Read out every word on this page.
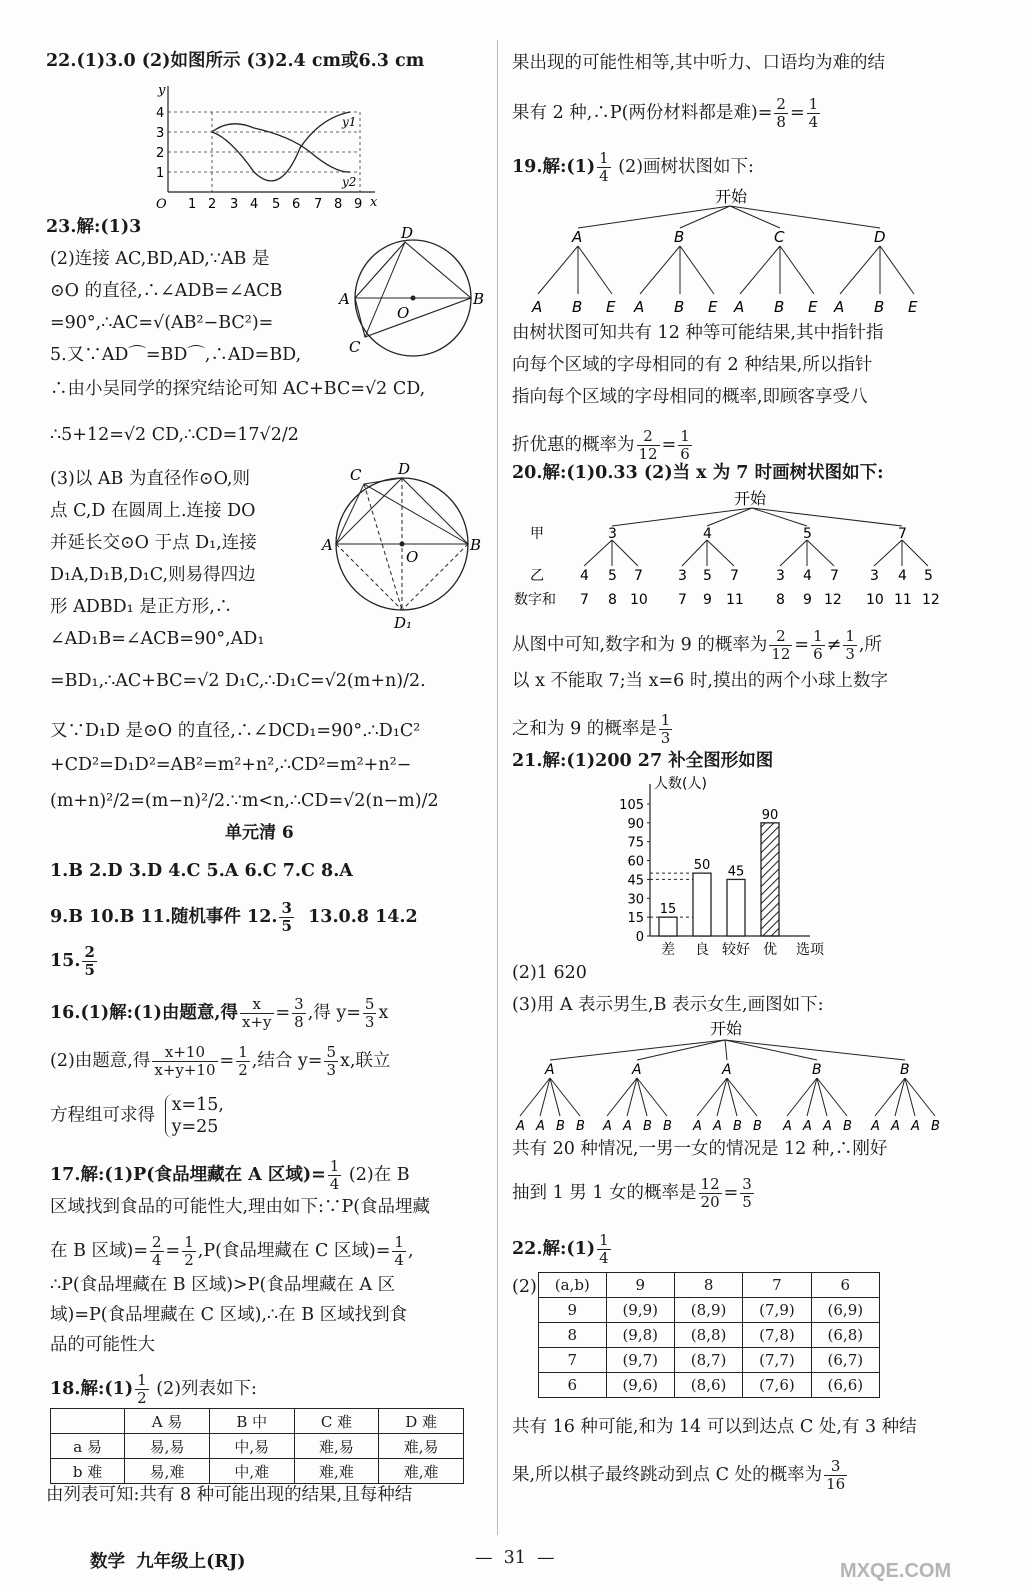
22.(1)3.0 (2)如图所示 (3)2.4 cm或6.3 cm
y
x
O
y1
y2
1 2 3 4 5 6 7 8 9
1
2
3
4
23.解:(1)3
(2)连接 AC,BD,AD,∵AB 是
⊙O 的直径,∴∠ADB=∠ACB
=90°,∴AC=√(AB²−BC²)=
5.又∵AD⌒=BD⌒,∴AD=BD,
∴由小吴同学的探究结论可知 AC+BC=√2 CD,
∴5+12=√2 CD,∴CD=17√2/2
D
A	B
O
C
(3)以 AB 为直径作⊙O,则
点 C,D 在圆周上.连接 DO
并延长交⊙O 于点 D₁,连接
D₁A,D₁B,D₁C,则易得四边
形 ADBD₁ 是正方形,∴
∠AD₁B=∠ACB=90°,AD₁
C D
A	B
O
D₁
=BD₁,∴AC+BC=√2 D₁C,∴D₁C=√2(m+n)/2.
又∵D₁D 是⊙O 的直径,∴∠DCD₁=90°.∴D₁C²
+CD²=D₁D²=AB²=m²+n²,∴CD²=m²+n²−
(m+n)²/2=(m−n)²/2.∵m<n,∴CD=√2(n−m)/2
单元清 6
1.B 2.D 3.D 4.C 5.A 6.C 7.C 8.A
9.B 10.B 11.随机事件 12. $\frac{3}{5} 13.0.8$ 14.2
15. $\frac{2}{5}$
16.(1)解:(1)由题意,得 $\frac{x}{x+y} = \frac{3}{8}$ ,得 $y= \frac{5}{3}$ x
(2)由题意,得 $\frac{x+10}{x+y+10} = \frac{1}{2}$ ,结合 $y= \frac{5}{3} x$,联立
方程组可求得
x=15,
y=25
17.解:(1)P(食品埋藏在 A 区域)= $\frac{1}{4} (2)$在 B
区域找到食品的可能性大,理由如下:∵P(食品埋藏
在 B 区域)= $\frac{2}{4} = \frac{1}{2} ,P$(食品埋藏在 C 区域)= $\frac{1}{4}$ ,
∴P(食品埋藏在 B 区域)>P(食品埋藏在 A 区
域)=P(食品埋藏在 C 区域),∴在 B 区域找到食
品的可能性大
18.解:(1) $\frac{1}{2} (2)$列表如下:
	A 易	B 中	C 难	D 难
a 易	易,易	中,易	难,易	难,易
b 难	易,难	中,难	难,难	难,难
由列表可知:共有 8 种可能出现的结果,且每种结
数学 九年级上(RJ)	—  31  —
果出现的可能性相等,其中听力、口语均为难的结
果有 2 种,∴P(两份材料都是难)= $\frac{2}{8} = \frac{1}{4}$
19.解:(1) $\frac{1}{4} (2)$画树状图如下:
开始
A	B	C	D
A B E A B E A B E A B E
由树状图可知共有 12 种等可能结果,其中指针指
向每个区域的字母相同的有 2 种结果,所以指针
指向每个区域的字母相同的概率,即顾客享受八
折优惠的概率为 $\frac{2}{12} = \frac{1}{6}$
20.解:(1)0.33 (2)当 x 为 7 时画树状图如下:
开始
甲
乙
数字和
3	4	5	7
4 5 7	3 5 7	3 4 7 3 4 5
7 8 10 7 9 11 8 9 12 10 11 12
从图中可知,数字和为 9 的概率为 $\frac{2}{12} = \frac{1}{6} \ne \frac{1}{3}$ ,所
以 x 不能取 7;当 x=6 时,摸出的两个小球上数字
之和为 9 的概率是 $\frac{1}{3}$
21.解:(1)200 27 补全图形如图
人数(人)
0
15
30
45
60
75
90
105
15
差
50
良
45
较好
90
优 选项
(2)1 620
(3)用 A 表示男生,B 表示女生,画图如下:
开始
A
A A B B
A
A A B B
A
A A B B
B
A A A B
B
A A A B
共有 20 种情况,一男一女的情况是 12 种,∴刚好
抽到 1 男 1 女的概率是 $\frac{12}{20} = \frac{3}{5}$
22.解:(1) $\frac{1}{4}$
(2) (a,b)	9	8	7	6
9	(9,9)	(8,9)	(7,9)	(6,9)
8	(9,8)	(8,8)	(7,8)	(6,8)
7	(9,7)	(8,7)	(7,7)	(6,7)
6	(9,6)	(8,6)	(7,6)	(6,6)
共有 16 种可能,和为 14 可以到达点 C 处,有 3 种结
果,所以棋子最终跳动到点 C 处的概率为 $\frac{3}{16}$
MXQE.COM
